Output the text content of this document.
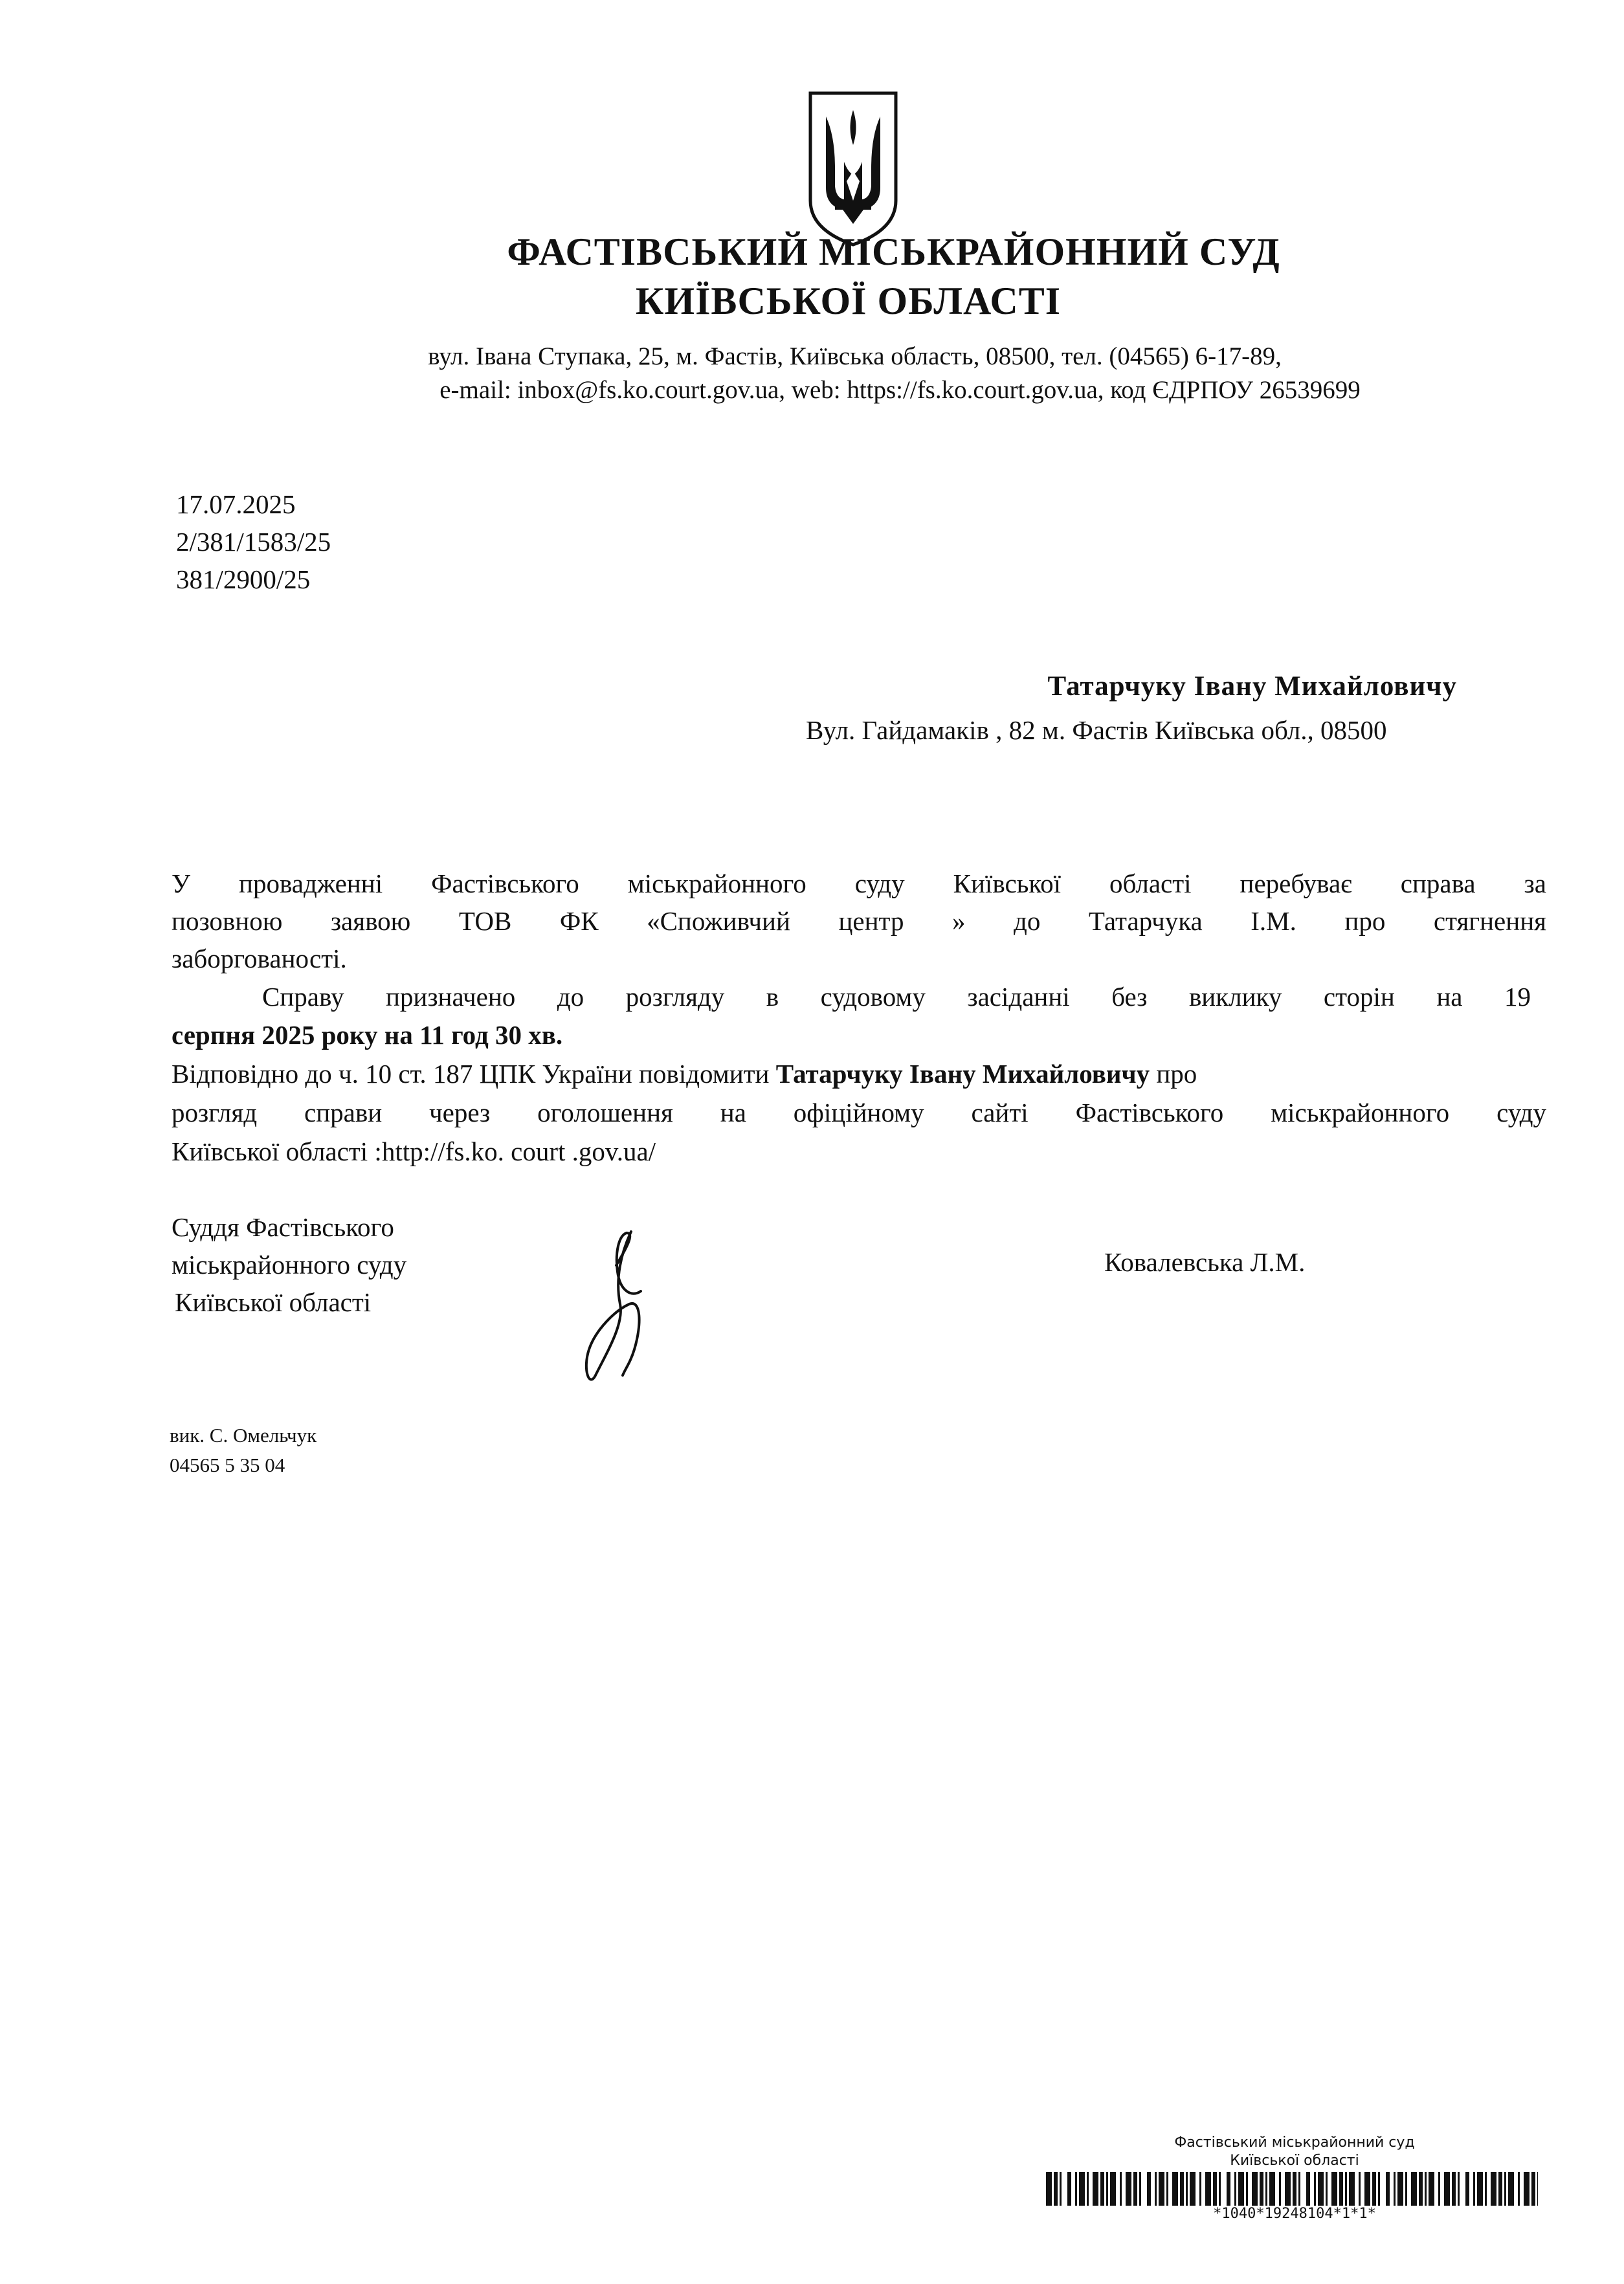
ФАСТІВСЬКИЙ МІСЬКРАЙОННИЙ СУД
КИЇВСЬКОЇ ОБЛАСТІ
вул. Івана Ступака, 25, м. Фастів, Київська область, 08500, тел. (04565) 6-17-89,
e-mail: inbox@fs.ko.court.gov.ua, web: https://fs.ko.court.gov.ua, код ЄДРПОУ 26539699
17.07.2025
2/381/1583/25
381/2900/25
Татарчуку Івану Михайловичу
Вул. Гайдамаків , 82 м. Фастів Київська обл., 08500
У провадженні Фастівського міськрайонного суду Київської області перебуває справа за
позовною заявою ТОВ ФК «Споживчий центр » до Татарчука І.М. про стягнення
заборгованості.
Справу призначено до розгляду в судовому засіданні без виклику сторін на 19
серпня 2025 року на 11 год 30 хв.
Відповідно до ч. 10 ст. 187 ЦПК України повідомити Татарчуку Івану Михайловичу про
розгляд справи через оголошення на офіційному сайті Фастівського міськрайонного суду
Київської області :http://fs.ko. court .gov.ua/
Суддя Фастівського
міськрайонного суду
Київської області
Ковалевська Л.М.
вик. С. Омельчук
04565 5 35 04
Фастівський міськрайонний суд
Київської області
*1040*19248104*1*1*
